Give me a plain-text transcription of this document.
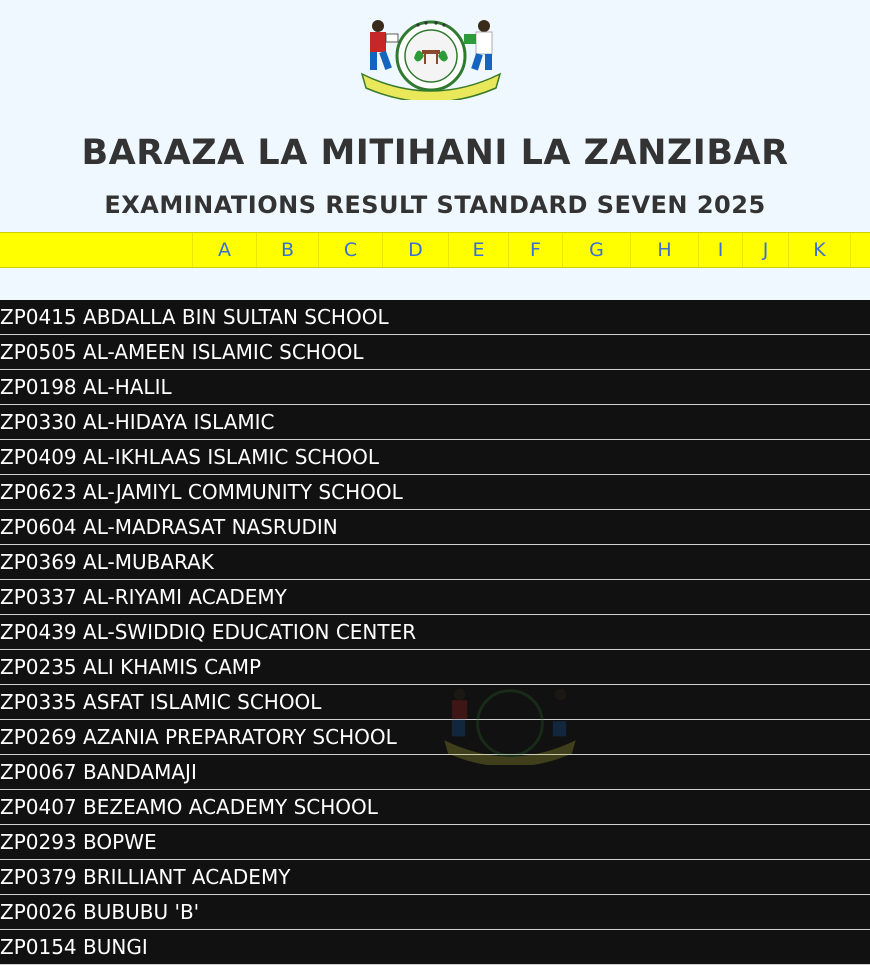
BARAZA LA MITIHANI LA ZANZIBAR
EXAMINATIONS RESULT STANDARD SEVEN 2025
A	B	C	D	E	F	G	H	I	J	K
ZP0415 ABDALLA BIN SULTAN SCHOOL
ZP0505 AL-AMEEN ISLAMIC SCHOOL
ZP0198 AL-HALIL
ZP0330 AL-HIDAYA ISLAMIC
ZP0409 AL-IKHLAAS ISLAMIC SCHOOL
ZP0623 AL-JAMIYL COMMUNITY SCHOOL
ZP0604 AL-MADRASAT NASRUDIN
ZP0369 AL-MUBARAK
ZP0337 AL-RIYAMI ACADEMY
ZP0439 AL-SWIDDIQ EDUCATION CENTER
ZP0235 ALI KHAMIS CAMP
ZP0335 ASFAT ISLAMIC SCHOOL
ZP0269 AZANIA PREPARATORY SCHOOL
ZP0067 BANDAMAJI
ZP0407 BEZEAMO ACADEMY SCHOOL
ZP0293 BOPWE
ZP0379 BRILLIANT ACADEMY
ZP0026 BUBUBU 'B'
ZP0154 BUNGI
